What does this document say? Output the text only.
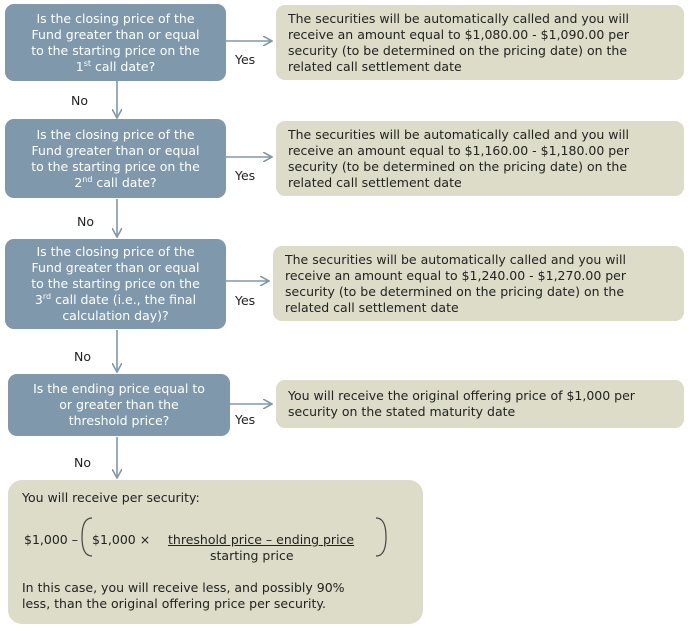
Is the closing price of the
Fund greater than or equal
to the starting price on the
1st call date?
The securities will be automatically called and you will
receive an amount equal to $1,080.00 - $1,090.00 per
security (to be determined on the pricing date) on the
related call settlement date
Yes
No
Is the closing price of the
Fund greater than or equal
to the starting price on the
2nd call date?
The securities will be automatically called and you will
receive an amount equal to $1,160.00 - $1,180.00 per
security (to be determined on the pricing date) on the
related call settlement date
Yes
No
Is the closing price of the
Fund greater than or equal
to the starting price on the
3rd call date (i.e., the final
calculation day)?
The securities will be automatically called and you will
receive an amount equal to $1,240.00 - $1,270.00 per
security (to be determined on the pricing date) on the
related call settlement date
Yes
No
Is the ending price equal to
or greater than the
threshold price?
You will receive the original offering price of $1,000 per
security on the stated maturity date
Yes
No
You will receive per security:
$1,000 – $1,000 × threshold price – ending price
starting price
In this case, you will receive less, and possibly 90%
less, than the original offering price per security.
